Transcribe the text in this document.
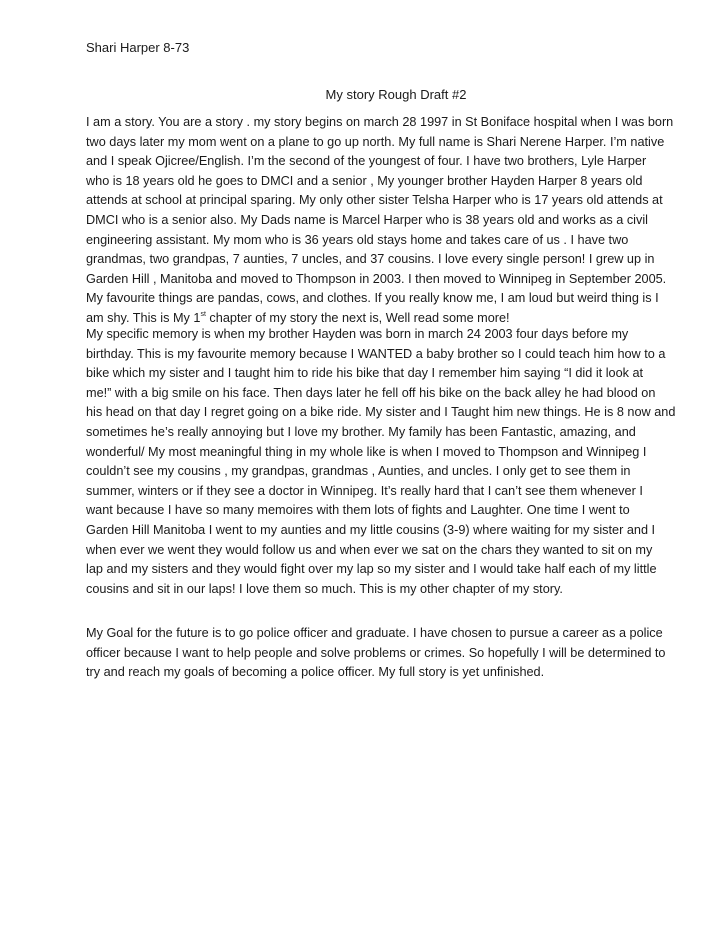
Shari Harper 8-73
My story Rough Draft #2
I am a story. You are a story . my story begins on march 28 1997 in St Boniface hospital when I was born
two days later my mom went on a plane to go up north. My full name is Shari Nerene Harper. I’m native
and I speak Ojicree/English. I’m the second of the youngest of four. I have two brothers, Lyle Harper
who is 18 years old he goes to DMCI and a senior , My younger brother Hayden Harper 8 years old
attends at school at principal sparing. My only other sister Telsha Harper who is 17 years old attends at
DMCI who is a senior also. My Dads name is Marcel Harper who is 38 years old and works as a civil
engineering assistant. My mom who is 36 years old stays home and takes care of us . I have two
grandmas, two grandpas, 7 aunties, 7 uncles, and 37 cousins. I love every single person! I grew up in
Garden Hill , Manitoba and moved to Thompson in 2003. I then moved to Winnipeg in September 2005.
My favourite things are pandas, cows, and clothes. If you really know me, I am loud but weird thing is I
am shy. This is My 1st chapter of my story the next is, Well read some more!
My specific memory is when my brother Hayden was born in march 24 2003 four days before my
birthday. This is my favourite memory because I WANTED a baby brother so I could teach him how to a
bike which my sister and I taught him to ride his bike that day I remember him saying “I did it look at
me!” with a big smile on his face. Then days later he fell off his bike on the back alley he had blood on
his head on that day I regret going on a bike ride. My sister and I Taught him new things. He is 8 now and
sometimes he’s really annoying but I love my brother. My family has been Fantastic, amazing, and
wonderful/ My most meaningful thing in my whole like is when I moved to Thompson and Winnipeg I
couldn’t see my cousins , my grandpas, grandmas , Aunties, and uncles. I only get to see them in
summer, winters or if they see a doctor in Winnipeg. It’s really hard that I can’t see them whenever I
want because I have so many memoires with them lots of fights and Laughter. One time I went to
Garden Hill Manitoba I went to my aunties and my little cousins (3-9) where waiting for my sister and I
when ever we went they would follow us and when ever we sat on the chars they wanted to sit on my
lap and my sisters and they would fight over my lap so my sister and I would take half each of my little
cousins and sit in our laps! I love them so much. This is my other chapter of my story.
My Goal for the future is to go police officer and graduate. I have chosen to pursue a career as a police
officer because I want to help people and solve problems or crimes. So hopefully I will be determined to
try and reach my goals of becoming a police officer. My full story is yet unfinished.
